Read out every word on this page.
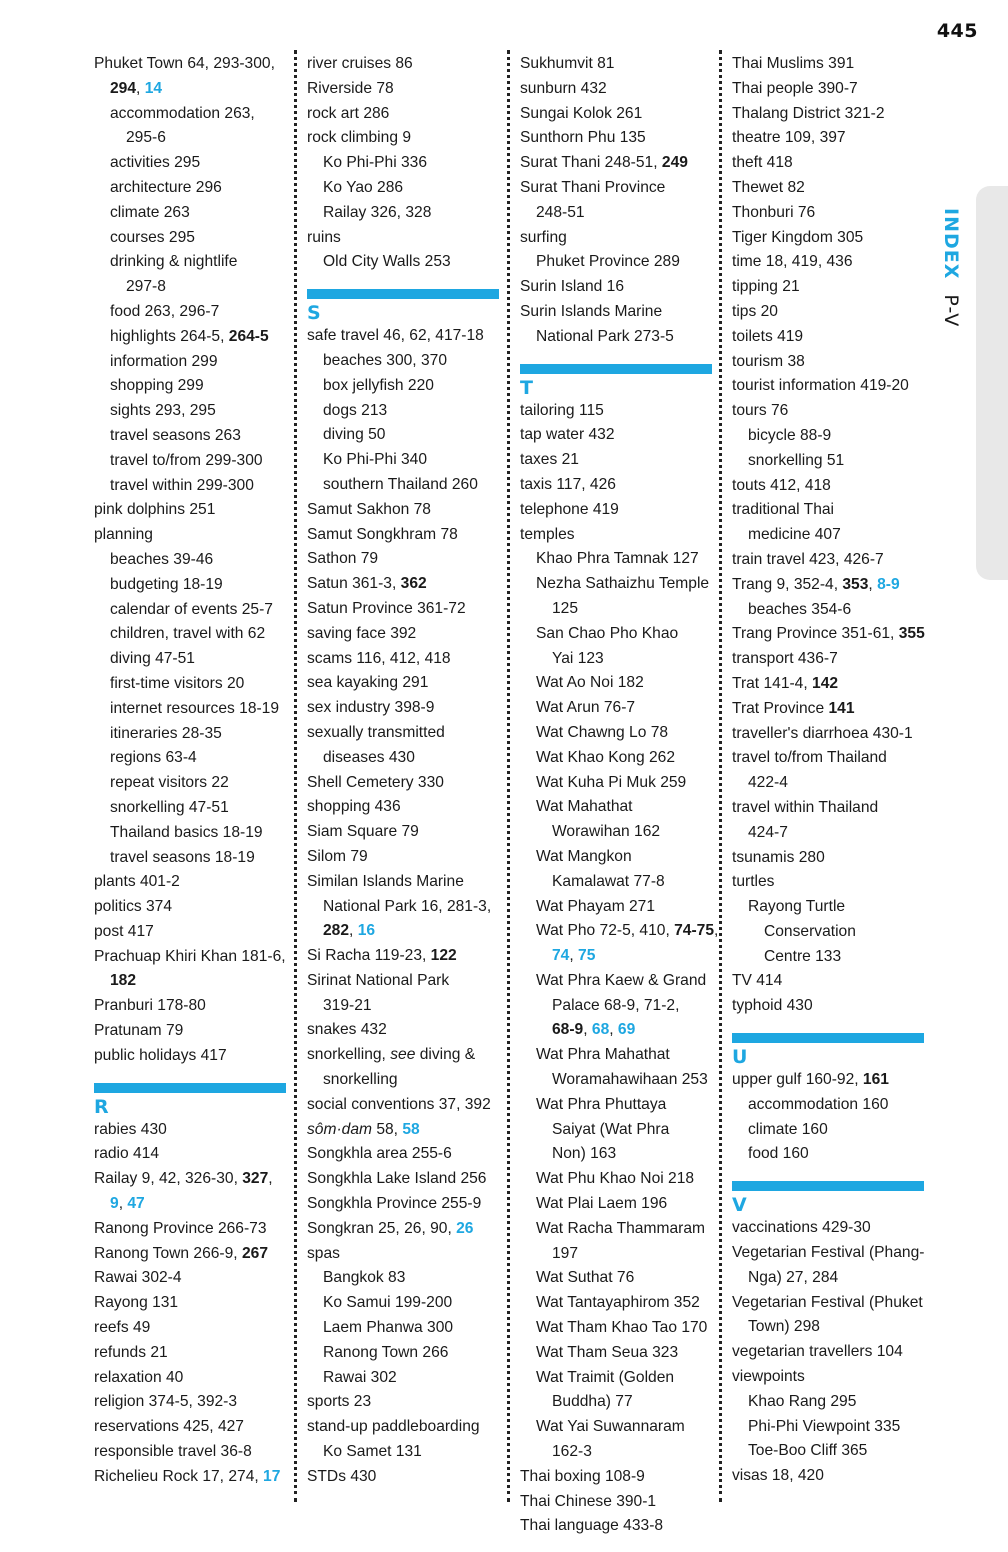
445
INDEX P-V
Phuket Town 64, 293-300,
294, 14
accommodation 263,
295-6
activities 295
architecture 296
climate 263
courses 295
drinking & nightlife
297-8
food 263, 296-7
highlights 264-5, 264-5
information 299
shopping 299
sights 293, 295
travel seasons 263
travel to/from 299-300
travel within 299-300
pink dolphins 251
planning
beaches 39-46
budgeting 18-19
calendar of events 25-7
children, travel with 62
diving 47-51
first-time visitors 20
internet resources 18-19
itineraries 28-35
regions 63-4
repeat visitors 22
snorkelling 47-51
Thailand basics 18-19
travel seasons 18-19
plants 401-2
politics 374
post 417
Prachuap Khiri Khan 181-6,
182
Pranburi 178-80
Pratunam 79
public holidays 417
R
rabies 430
radio 414
Railay 9, 42, 326-30, 327,
9, 47
Ranong Province 266-73
Ranong Town 266-9, 267
Rawai 302-4
Rayong 131
reefs 49
refunds 21
relaxation 40
religion 374-5, 392-3
reservations 425, 427
responsible travel 36-8
Richelieu Rock 17, 274, 17
river cruises 86
Riverside 78
rock art 286
rock climbing 9
Ko Phi-Phi 336
Ko Yao 286
Railay 326, 328
ruins
Old City Walls 253
S
safe travel 46, 62, 417-18
beaches 300, 370
box jellyfish 220
dogs 213
diving 50
Ko Phi-Phi 340
southern Thailand 260
Samut Sakhon 78
Samut Songkhram 78
Sathon 79
Satun 361-3, 362
Satun Province 361-72
saving face 392
scams 116, 412, 418
sea kayaking 291
sex industry 398-9
sexually transmitted
diseases 430
Shell Cemetery 330
shopping 436
Siam Square 79
Silom 79
Similan Islands Marine
National Park 16, 281-3,
282, 16
Si Racha 119-23, 122
Sirinat National Park
319-21
snakes 432
snorkelling, see diving &
snorkelling
social conventions 37, 392
sôm·dam 58, 58
Songkhla area 255-6
Songkhla Lake Island 256
Songkhla Province 255-9
Songkran 25, 26, 90, 26
spas
Bangkok 83
Ko Samui 199-200
Laem Phanwa 300
Ranong Town 266
Rawai 302
sports 23
stand-up paddleboarding
Ko Samet 131
STDs 430
Sukhumvit 81
sunburn 432
Sungai Kolok 261
Sunthorn Phu 135
Surat Thani 248-51, 249
Surat Thani Province
248-51
surfing
Phuket Province 289
Surin Island 16
Surin Islands Marine
National Park 273-5
T
tailoring 115
tap water 432
taxes 21
taxis 117, 426
telephone 419
temples
Khao Phra Tamnak 127
Nezha Sathaizhu Temple
125
San Chao Pho Khao
Yai 123
Wat Ao Noi 182
Wat Arun 76-7
Wat Chawng Lo 78
Wat Khao Kong 262
Wat Kuha Pi Muk 259
Wat Mahathat
Worawihan 162
Wat Mangkon
Kamalawat 77-8
Wat Phayam 271
Wat Pho 72-5, 410, 74-75,
74, 75
Wat Phra Kaew & Grand
Palace 68-9, 71-2,
68-9, 68, 69
Wat Phra Mahathat
Woramahawihaan 253
Wat Phra Phuttaya
Saiyat (Wat Phra
Non) 163
Wat Phu Khao Noi 218
Wat Plai Laem 196
Wat Racha Thammaram
197
Wat Suthat 76
Wat Tantayaphirom 352
Wat Tham Khao Tao 170
Wat Tham Seua 323
Wat Traimit (Golden
Buddha) 77
Wat Yai Suwannaram
162-3
Thai boxing 108-9
Thai Chinese 390-1
Thai language 433-8
Thai Muslims 391
Thai people 390-7
Thalang District 321-2
theatre 109, 397
theft 418
Thewet 82
Thonburi 76
Tiger Kingdom 305
time 18, 419, 436
tipping 21
tips 20
toilets 419
tourism 38
tourist information 419-20
tours 76
bicycle 88-9
snorkelling 51
touts 412, 418
traditional Thai
medicine 407
train travel 423, 426-7
Trang 9, 352-4, 353, 8-9
beaches 354-6
Trang Province 351-61, 355
transport 436-7
Trat 141-4, 142
Trat Province 141
traveller's diarrhoea 430-1
travel to/from Thailand
422-4
travel within Thailand
424-7
tsunamis 280
turtles
Rayong Turtle
Conservation
Centre 133
TV 414
typhoid 430
U
upper gulf 160-92, 161
accommodation 160
climate 160
food 160
V
vaccinations 429-30
Vegetarian Festival (Phang-
Nga) 27, 284
Vegetarian Festival (Phuket
Town) 298
vegetarian travellers 104
viewpoints
Khao Rang 295
Phi-Phi Viewpoint 335
Toe-Boo Cliff 365
visas 18, 420
